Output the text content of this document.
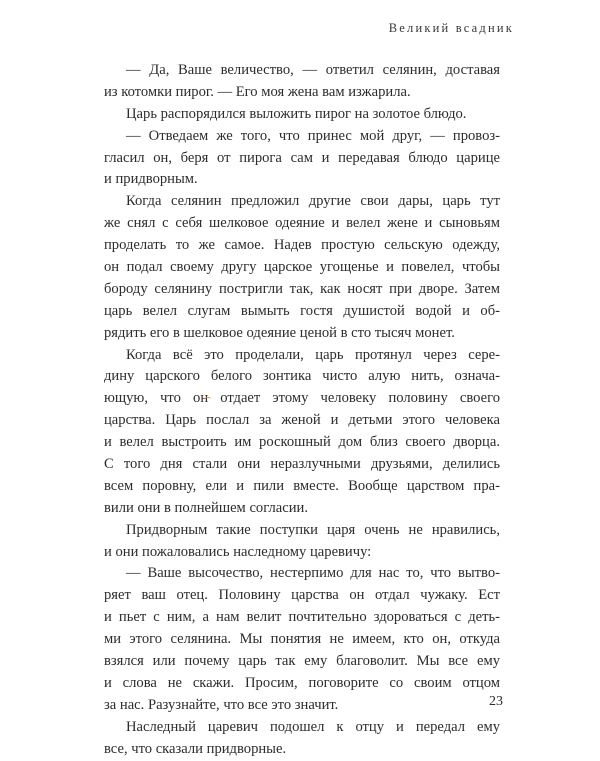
Великий всадник
— Да, Ваше величество, — ответил селянин, доставая
из котомки пирог. — Его моя жена вам изжарила.
Царь распорядился выложить пирог на золотое блюдо.
— Отведаем же того, что принес мой друг, — провоз-
гласил он, беря от пирога сам и передавая блюдо царице
и придворным.
Когда селянин предложил другие свои дары, царь тут
же снял с себя шелковое одеяние и велел жене и сыновьям
проделать то же самое. Надев простую сельскую одежду,
он подал своему другу царское угощенье и повелел, чтобы
бороду селянину постригли так, как носят при дворе. Затем
царь велел слугам вымыть гостя душистой водой и об-
рядить его в шелковое одеяние ценой в сто тысяч монет.
Когда всё это проделали, царь протянул через сере-
дину царского белого зонтика чисто алую нить, означа-
ющую, что он отдает этому человеку половину своего
царства. Царь послал за женой и детьми этого человека
и велел выстроить им роскошный дом близ своего дворца.
С того дня стали они неразлучными друзьями, делились
всем поровну, ели и пили вместе. Вообще царством пра-
вили они в полнейшем согласии.
Придворным такие поступки царя очень не нравились,
и они пожаловались наследному царевичу:
— Ваше высочество, нестерпимо для нас то, что вытво-
ряет ваш отец. Половину царства он отдал чужаку. Ест
и пьет с ним, а нам велит почтительно здороваться с деть-
ми этого селянина. Мы понятия не имеем, кто он, откуда
взялся или почему царь так ему благоволит. Мы все ему
и слова не скажи. Просим, поговорите со своим отцом
за нас. Разузнайте, что все это значит.
Наследный царевич подошел к отцу и передал ему
все, что сказали придворные.
23
